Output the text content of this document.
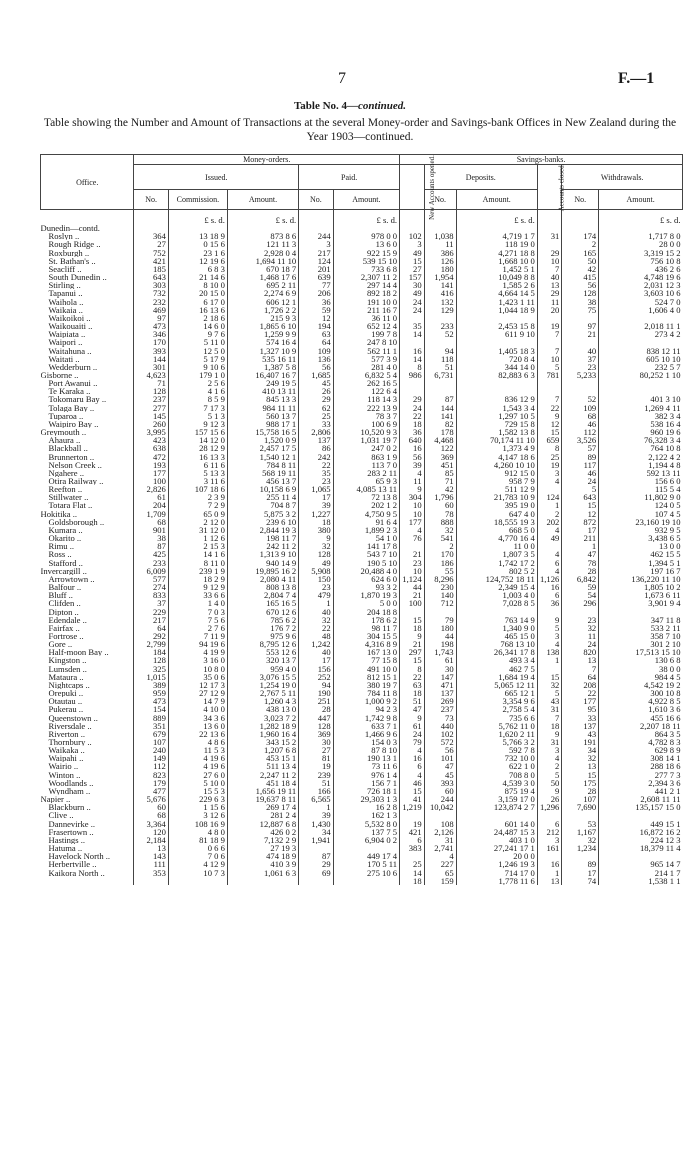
7	F.—1
Table No. 4—continued.
Table showing the Number and Amount of Transactions at the several Money-order and Savings-bank Offices in New Zealand during the Year 1903—continued.
Office.	Money-orders.					Savings-banks.					
	Issued.			Paid.		New Accounts opened.	Deposits.		Accounts closed.	Withdrawals.	
	No.	Commission.	Amount.	No.	Amount.		No.	Amount.		No.	Amount.
		£ s. d.	£ s. d.		£ s. d.			£ s. d.			£ s. d.
Dunedin—contd.											
Roslyn ..	364	13 18 9	873 8 6	244	978 0 0	102	1,038	4,719 1 7	31	174	1,717 8 0
Rough Ridge ..	27	0 15 6	121 11 3	3	13 6 0	3	11	118 19 0		2	28 0 0
Roxburgh ..	752	23 1 6	2,928 0 4	217	922 15 9	49	386	4,271 18 8	29	165	3,319 15 2
St. Bathan's ..	421	12 19 6	1,694 11 10	124	539 15 10	15	126	1,668 10 0	10	50	756 10 8
Seacliff ..	185	6 8 3	670 18 7	201	733 6 8	27	180	1,452 5 1	7	42	436 2 6
South Dunedin ..	643	21 14 6	1,468 17 6	639	2,307 11 2	157	1,954	10,049 8 8	40	415	4,748 19 6
Stirling ..	303	8 10 0	695 2 11	77	297 14 4	30	141	1,585 2 6	13	56	2,031 12 3
Tapanui ..	732	20 15 0	2,274 6 9	206	892 18 2	49	416	4,664 14 5	29	128	3,603 10 6
Waihola ..	232	6 17 0	606 12 1	36	191 10 0	24	132	1,423 1 11	11	38	524 7 0
Waikaia ..	469	16 13 6	1,726 2 2	59	211 16 7	24	129	1,044 18 9	20	75	1,606 4 0
Waikoikoi ..	97	2 18 6	215 9 3	12	36 11 0						
Waikouaiti ..	473	14 6 0	1,865 6 10	194	652 12 4	35	233	2,453 15 8	19	97	2,018 11 1
Waipiata ..	346	9 7 6	1,259 9 9	63	199 7 8	14	52	611 9 10	7	21	273 4 2
Waipori ..	170	5 11 0	574 16 4	64	247 8 10						
Waitahuna ..	393	12 5 0	1,327 10 9	109	562 11 1	16	94	1,405 18 3	7	40	838 12 11
Waitati ..	144	5 17 9	535 16 11	136	577 3 9	14	118	720 8 4	10	37	605 10 10
Wedderburn ..	301	9 10 6	1,387 5 8	56	281 4 0	8	51	344 14 0	5	23	232 5 7
Gisborne ..	4,623	179 1 0	16,407 16 7	1,685	6,832 5 4	986	6,731	82,883 6 3	781	5,233	80,252 1 10
Port Awanui ..	71	2 5 6	249 19 5	45	262 16 5						
Te Karaka ..	128	4 1 6	410 13 11	26	122 6 4						
Tokomaru Bay ..	237	8 5 9	845 13 3	29	118 14 3	29	87	836 12 9	7	52	401 3 10
Tolaga Bay ..	277	7 17 3	984 11 11	62	222 13 9	24	144	1,543 3 4	22	109	1,269 4 11
Tuparoa ..	145	5 1 3	560 13 7	25	78 3 7	22	141	1,297 10 5	9	68	382 3 4
Waipiro Bay ..	260	9 12 3	988 17 1	33	100 6 9	18	82	729 15 8	12	46	538 16 4
Greymouth ..	3,995	157 15 6	15,758 16 5	2,806	10,520 9 3	36	178	1,582 13 8	15	112	960 19 6
Ahaura ..	423	14 12 0	1,520 0 9	137	1,031 19 7	640	4,468	70,174 11 10	659	3,526	76,328 3 4
Blackball ..	638	28 12 9	2,457 17 5	86	247 0 2	16	122	1,373 4 9	8	57	764 10 8
Brunnerton ..	472	16 13 3	1,540 12 1	242	863 1 9	56	369	4,147 18 6	25	89	2,122 4 2
Nelson Creek ..	193	6 11 6	784 8 11	22	113 7 0	39	451	4,260 10 10	19	117	1,194 4 8
Ngahere ..	177	5 13 3	568 19 11	35	283 2 11	4	85	912 15 0	3	46	592 13 11
Otira Railway ..	100	3 11 6	456 13 7	23	65 9 3	11	71	958 7 9	4	24	156 6 0
Reefton ..	2,826	107 18 6	10,158 6 9	1,065	4,085 13 11	9	42	511 12 9		5	115 5 4
Stillwater ..	61	2 3 9	255 11 4	17	72 13 8	304	1,796	21,783 10 9	124	643	11,802 9 0
Totara Flat ..	204	7 2 9	704 8 7	39	202 1 2	10	60	395 19 0	1	15	124 0 5
Hokitika ..	1,709	65 0 9	5,875 3 2	1,227	4,750 9 5	10	78	647 4 0	2	12	107 4 5
Goldsborough ..	68	2 12 0	239 6 10	18	91 6 4	177	888	18,555 19 3	202	872	23,160 19 10
Kumara ..	901	31 12 0	2,844 19 3	380	1,899 2 3	4	32	668 5 0	4	17	932 9 5
Okarito ..	38	1 12 6	198 11 7	9	54 1 0	76	541	4,770 16 4	49	211	3,438 6 5
Rimu ..	87	2 15 3	242 11 2	32	141 17 8		2	11 0 0		1	13 0 0
Ross ..	425	14 1 6	1,313 9 10	128	543 7 10	21	170	1,807 3 5	4	47	462 15 5
Stafford ..	233	8 11 0	940 14 9	49	190 5 10	23	186	1,742 17 2	6	78	1,394 5 1
Invercargill ..	6,009	239 1 9	19,895 16 2	5,908	20,488 4 0	10	55	802 5 2	4	28	197 16 7
Arrowtown ..	577	18 2 9	2,080 4 11	150	624 6 0	1,124	8,296	124,752 18 11	1,126	6,842	136,220 11 10
Balfour ..	274	9 12 9	808 13 8	23	93 3 2	44	230	2,349 15 4	16	59	1,805 10 2
Bluff ..	833	33 6 6	2,804 7 4	479	1,870 19 3	21	140	1,003 4 0	6	54	1,673 6 11
Clifden ..	37	1 4 0	165 16 5	1	5 0 0	100	712	7,028 8 5	36	296	3,901 9 4
Dipton ..	229	7 0 3	670 12 6	40	204 18 8						
Edendale ..	217	7 5 6	785 6 2	32	178 6 2	15	79	763 14 9	9	23	347 11 8
Fairfax ..	64	2 7 6	176 7 2	22	98 11 7	18	180	1,340 9 0	5	32	533 2 11
Fortrose ..	292	7 11 9	975 9 6	48	304 15 5	9	44	465 15 0	3	11	358 7 10
Gore ..	2,799	94 19 6	8,795 12 6	1,242	4,316 8 9	21	198	768 13 10	4	24	301 2 10
Half-moon Bay ..	184	4 19 9	553 12 6	40	167 13 0	297	1,743	26,341 17 8	138	820	17,513 15 10
Kingston ..	128	3 16 0	320 13 7	17	77 15 8	15	61	493 3 4	1	13	130 6 8
Lumsden ..	325	10 8 0	959 4 0	156	491 10 0	8	30	462 7 5		7	38 0 0
Mataura ..	1,015	35 0 6	3,076 15 5	252	812 15 1	22	147	1,684 19 4	15	64	984 4 5
Nightcaps ..	389	12 17 3	1,254 19 0	94	380 19 7	63	471	5,065 12 11	32	208	4,542 19 2
Orepuki ..	959	27 12 9	2,767 5 11	190	784 11 8	18	137	665 12 1	5	22	300 10 8
Otautau ..	473	14 7 9	1,260 4 3	251	1,000 9 2	51	269	3,354 9 6	43	177	4,922 8 5
Pukerau ..	154	4 10 0	438 13 0	28	94 2 3	47	237	2,758 5 4	31	95	1,610 3 6
Queenstown ..	889	34 3 6	3,023 7 2	447	1,742 9 8	9	73	735 6 6	7	33	455 16 6
Riversdale ..	351	13 6 0	1,282 18 9	128	633 7 1	61	440	5,762 11 0	18	137	2,207 18 11
Riverton ..	679	22 13 6	1,960 16 4	369	1,466 9 6	24	102	1,620 2 11	9	43	864 3 5
Thornbury ..	107	4 8 6	343 15 2	30	154 0 3	79	572	5,766 3 2	31	191	4,782 8 3
Waikaka ..	240	11 5 3	1,207 6 8	27	87 8 10	4	56	592 7 8	3	34	629 8 9
Waipahi ..	149	4 19 6	453 15 1	81	190 13 1	16	101	732 10 0	4	32	308 14 1
Wairio ..	112	4 19 6	511 13 4	19	73 11 6	6	47	622 1 0	2	13	288 18 6
Winton ..	823	27 6 0	2,247 11 2	239	976 1 4	4	45	708 8 0	5	15	277 7 3
Woodlands ..	179	5 10 0	451 18 4	51	156 7 1	46	393	4,539 3 0	50	175	2,394 3 6
Wyndham ..	477	15 5 3	1,656 19 11	166	726 18 1	15	60	875 19 4	9	28	441 2 1
Napier ..	5,676	229 6 3	19,637 8 11	6,565	29,303 1 3	41	244	3,159 17 0	26	107	2,608 11 11
Blackburn ..	60	1 15 6	269 17 4	1	16 2 8	1,219	10,042	123,874 2 7	1,296	7,690	135,157 15 0
Clive ..	68	3 12 6	281 2 4	39	162 1 3						
Dannevirke ..	3,364	108 16 9	12,887 6 8	1,430	5,532 8 0	19	108	601 14 0	6	53	449 15 1
Frasertown ..	120	4 8 0	426 0 2	34	137 7 5	421	2,126	24,487 15 3	212	1,167	16,872 16 2
Hastings ..	2,184	81 18 9	7,132 2 9	1,941	6,904 0 2	6	31	403 1 0	3	32	224 12 3
Hatuma ..	13	0 6 6	27 19 3			383	2,741	27,241 17 1	161	1,234	18,379 11 4
Havelock North ..	143	7 0 6	474 18 9	87	449 17 4		4	20 0 0			
Herbertville ..	111	4 12 9	410 3 9	29	170 5 11	25	227	1,246 19 3	16	89	965 14 7
Kaikora North ..	353	10 7 3	1,061 6 3	69	275 10 6	14	65	714 17 0	1	17	214 1 7
						18	159	1,778 11 6	13	74	1,538 1 1
